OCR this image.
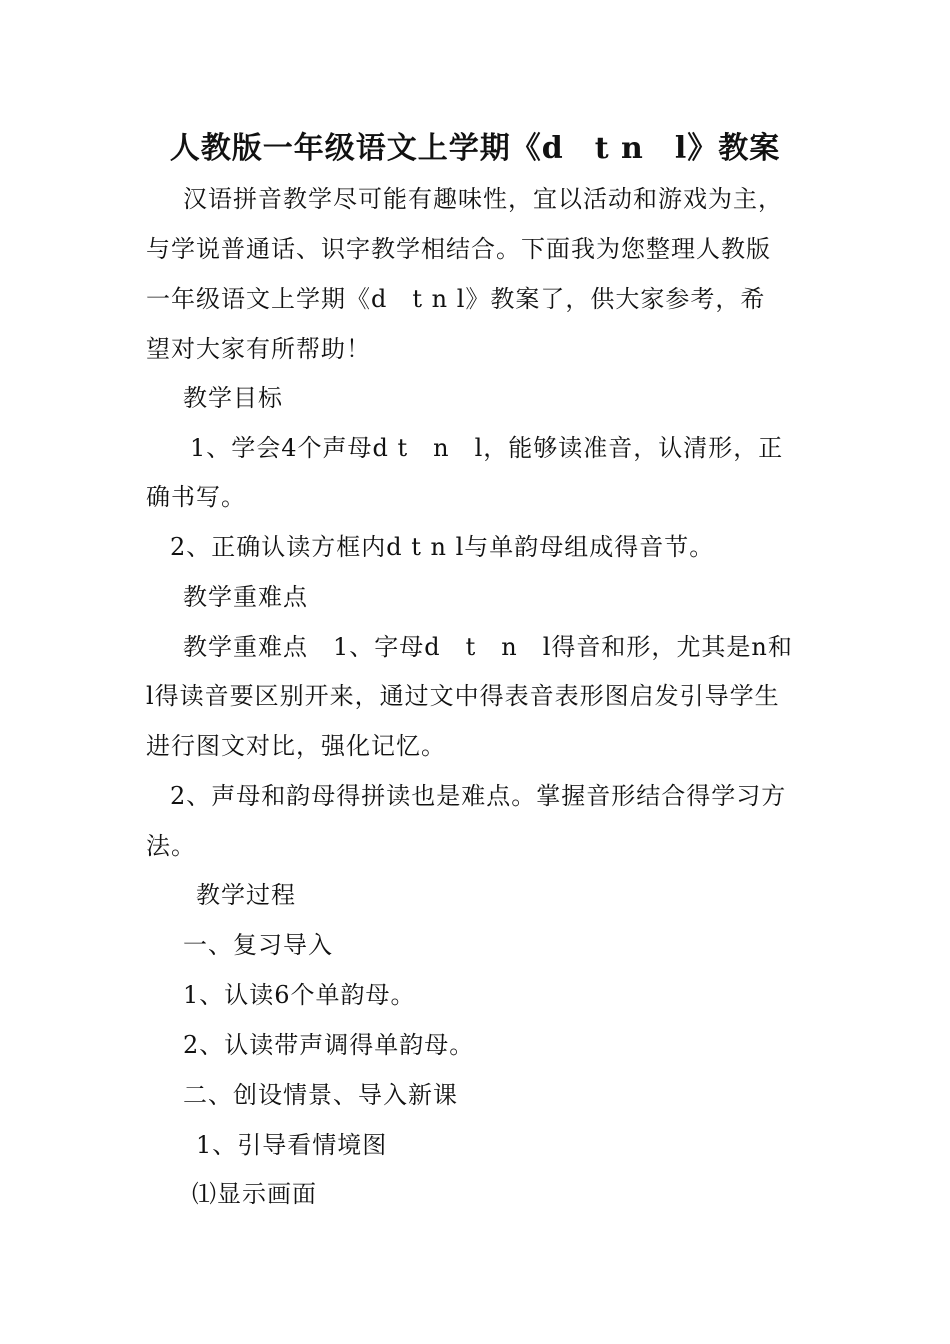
人教版一年级语文上学期《d　t n　l》教案
汉语拼音教学尽可能有趣味性，宜以活动和游戏为主，
与学说普通话、识字教学相结合。下面我为您整理人教版
一年级语文上学期《d　t n l》教案了，供大家参考，希
望对大家有所帮助！
教学目标
1、学会4个声母d t　n　l，能够读准音，认清形，正
确书写。
2、正确认读方框内d t n l与单韵母组成得音节。
教学重难点
教学重难点　1、字母d　t　n　l得音和形，尤其是n和
l得读音要区别开来，通过文中得表音表形图启发引导学生
进行图文对比，强化记忆。
2、声母和韵母得拼读也是难点。掌握音形结合得学习方
法。
教学过程
一、复习导入
1、认读6个单韵母。
2、认读带声调得单韵母。
二、创设情景、导入新课
1、引导看情境图
⑴显示画面
